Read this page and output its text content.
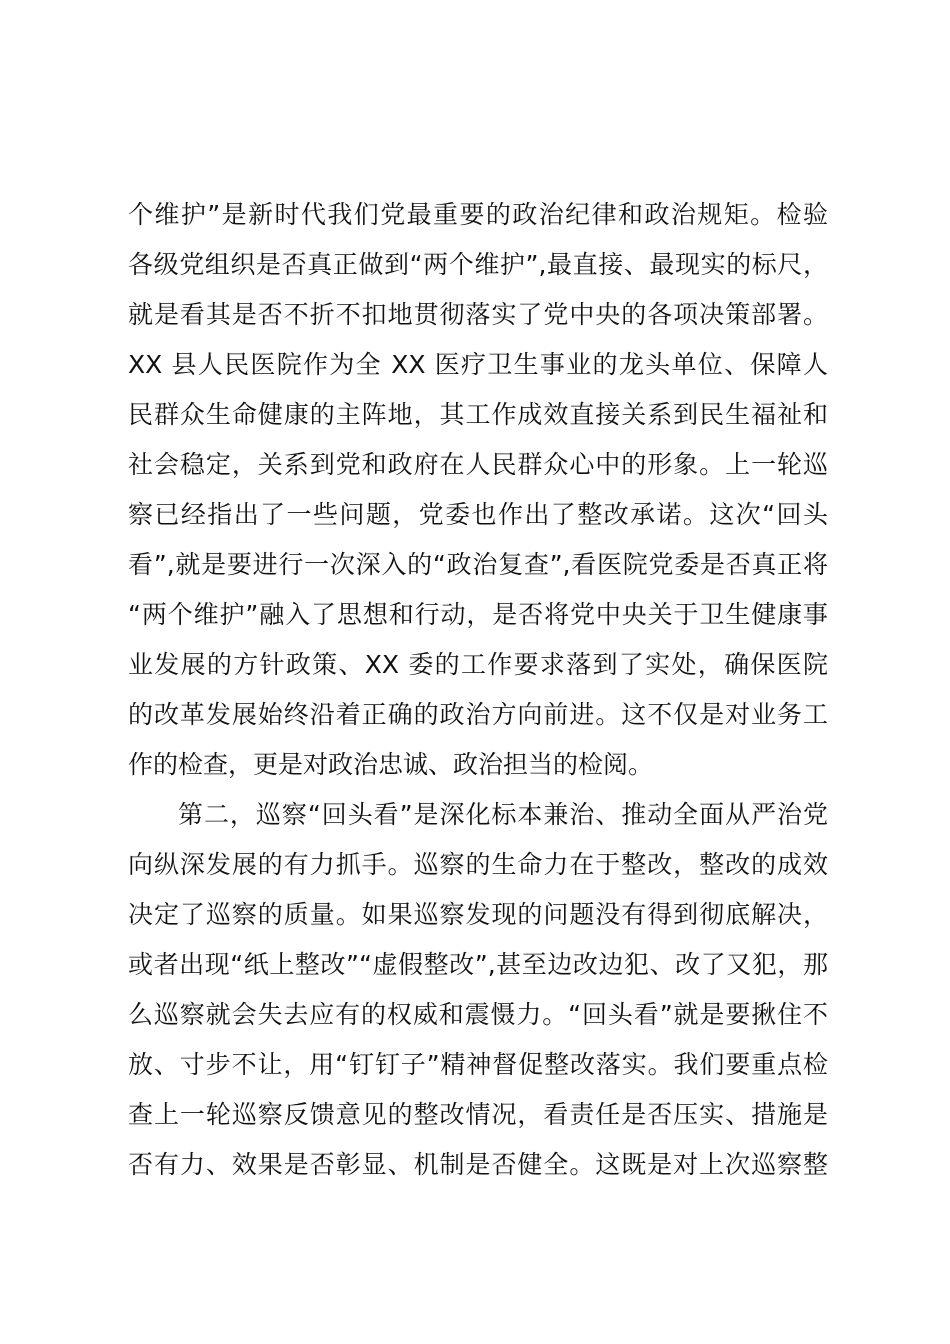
个维护”是新时代我们党最重要的政治纪律和政治规矩。检验
各级党组织是否真正做到“两个维护”,最直接、最现实的标尺，
就是看其是否不折不扣地贯彻落实了党中央的各项决策部署。
XX 县人民医院作为全 XX 医疗卫生事业的龙头单位、保障人
民群众生命健康的主阵地，其工作成效直接关系到民生福祉和
社会稳定，关系到党和政府在人民群众心中的形象。上一轮巡
察已经指出了一些问题，党委也作出了整改承诺。这次“回头
看”,就是要进行一次深入的“政治复查”,看医院党委是否真正将
“两个维护”融入了思想和行动，是否将党中央关于卫生健康事
业发展的方针政策、XX 委的工作要求落到了实处，确保医院
的改革发展始终沿着正确的政治方向前进。这不仅是对业务工
作的检查，更是对政治忠诚、政治担当的检阅。
第二，巡察“回头看”是深化标本兼治、推动全面从严治党
向纵深发展的有力抓手。巡察的生命力在于整改，整改的成效
决定了巡察的质量。如果巡察发现的问题没有得到彻底解决，
或者出现“纸上整改”“虚假整改”,甚至边改边犯、改了又犯，那
么巡察就会失去应有的权威和震慑力。“回头看”就是要揪住不
放、寸步不让，用“钉钉子”精神督促整改落实。我们要重点检
查上一轮巡察反馈意见的整改情况，看责任是否压实、措施是
否有力、效果是否彰显、机制是否健全。这既是对上次巡察整
